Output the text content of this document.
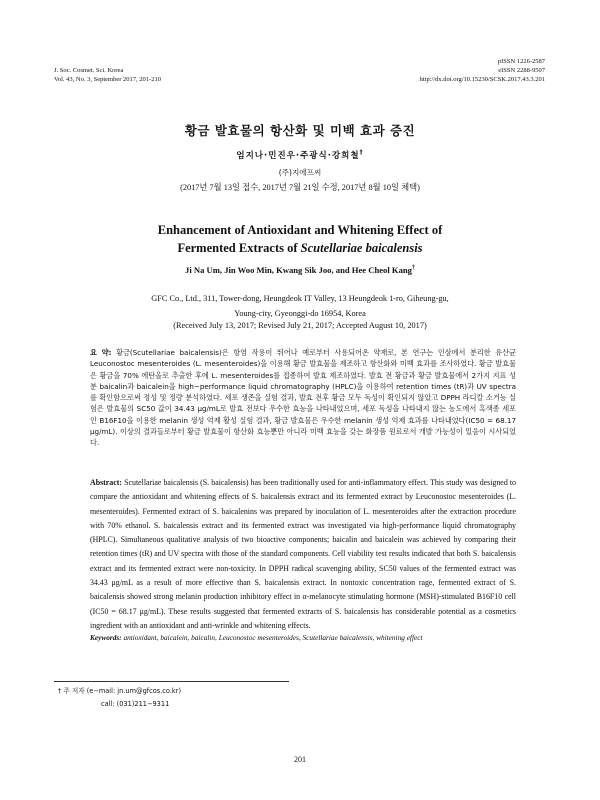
J. Soc. Cosmet. Sci. Korea
Vol. 43, No. 3, September 2017, 201-210
pISSN 1226-2587
eISSN 2288-9507
http://dx.doi.org/10.15230/SCSK.2017.43.3.201
황금 발효물의 항산화 및 미백 효과 증진
엄지나·민진우·주광식·강희철†
(주)지에프씨
(2017년 7월 13일 접수, 2017년 7월 21일 수정, 2017년 8월 10일 체택)
Enhancement of Antioxidant and Whitening Effect of
Fermented Extracts of Scutellariae baicalensis
Ji Na Um, Jin Woo Min, Kwang Sik Joo, and Hee Cheol Kang†
GFC Co., Ltd., 311, Tower-dong, Heungdeok IT Valley, 13 Heungdeok 1-ro, Giheung-gu,
Young-city, Gyeonggi-do 16954, Korea
(Received July 13, 2017; Revised July 21, 2017; Accepted August 10, 2017)
요 약: 황금(Scutellariae baicalensis)은 항염 작용이 뛰어나 예로부터 사용되어온 약재로, 본 연구는 인삼에서 분리한 유산균 Leuconostoc mesenteroides (L. mesenteroides)을 이용해 황금 발효물을 제조하고 항산화와 미백 효과를 조사하였다. 황금 발효물은 황금을 70% 에탄올로 추출한 후에 L. mesenteroides를 접종하여 발효 제조하였다. 발효 전 황금과 황금 발효물에서 2가지 지표 성분 baicalin과 baicalein을 high−performance liquid chromatography (HPLC)을 이용하여 retention times (tR)과 UV spectra를 확인함으로써 정성 및 정량 분석하였다. 세포 생존을 실험 결과, 발효 전후 황금 모두 독성이 확인되지 않았고 DPPH 라디칼 소거능 실험은 발효물의 SC50 값이 34.43 μg/mL로 발효 전보다 우수한 효능을 나타내었으며, 세포 독성을 나타내지 않는 농도에서 흑색종 세포인 B16F10을 이용한 melanin 생성 억제 활성 실험 결과, 황금 발효물은 우수한 melanin 생성 억제 효과를 나타내었다(IC50 = 68.17 μg/mL). 이상의 결과들로부터 황금 발효물이 항산화 효능뿐만 아니라 미백 효능을 갖는 화장품 원료로서 개발 가능성이 있음이 시사되었다.
Abstract: Scutellariae baicalensis (S. baicalensis) has been traditionally used for anti-inflammatory effect. This study was designed to compare the antioxidant and whitening effects of S. baicalensis extract and its fermented extract by Leuconostoc mesenteroides (L. mesenteroides). Fermented extract of S. baicalenins was prepared by inoculation of L. mesenteroides after the extraction procedure with 70% ethanol. S. baicalensis extract and its fermented extract was investigated via high-performance liquid chromatography (HPLC). Simultaneous qualitative analysis of two bioactive components; baicalin and baicalein was achieved by comparing their retention times (tR) and UV spectra with those of the standard components. Cell viability test results indicated that both S. baicalensis extract and its fermented extract were non-toxicity. In DPPH radical scavenging ability, SC50 values of the fermented extract was 34.43 μg/mL as a result of more effective than S. baicalensis extract. In nontoxic concentration rage, fermented extract of S. baicalensis showed strong melanin production inhibitory effect in α-melanocyte stimulating hormone (MSH)-stimulated B16F10 cell (IC50 = 68.17 μg/mL). These results suggested that fermented extracts of S. baicalensis has considerable potential as a cosmetics ingredient with an antioxidant and anti-wrinkle and whitening effects.
Keywords: antioxidant, baicalein, baicalin, Leuconostoc mesenteroides, Scutellariae baicalensis, whitening effect
† 주 저자 (e−mail: jn.um@gfcos.co.kr)
call: (031)211−9311
201
